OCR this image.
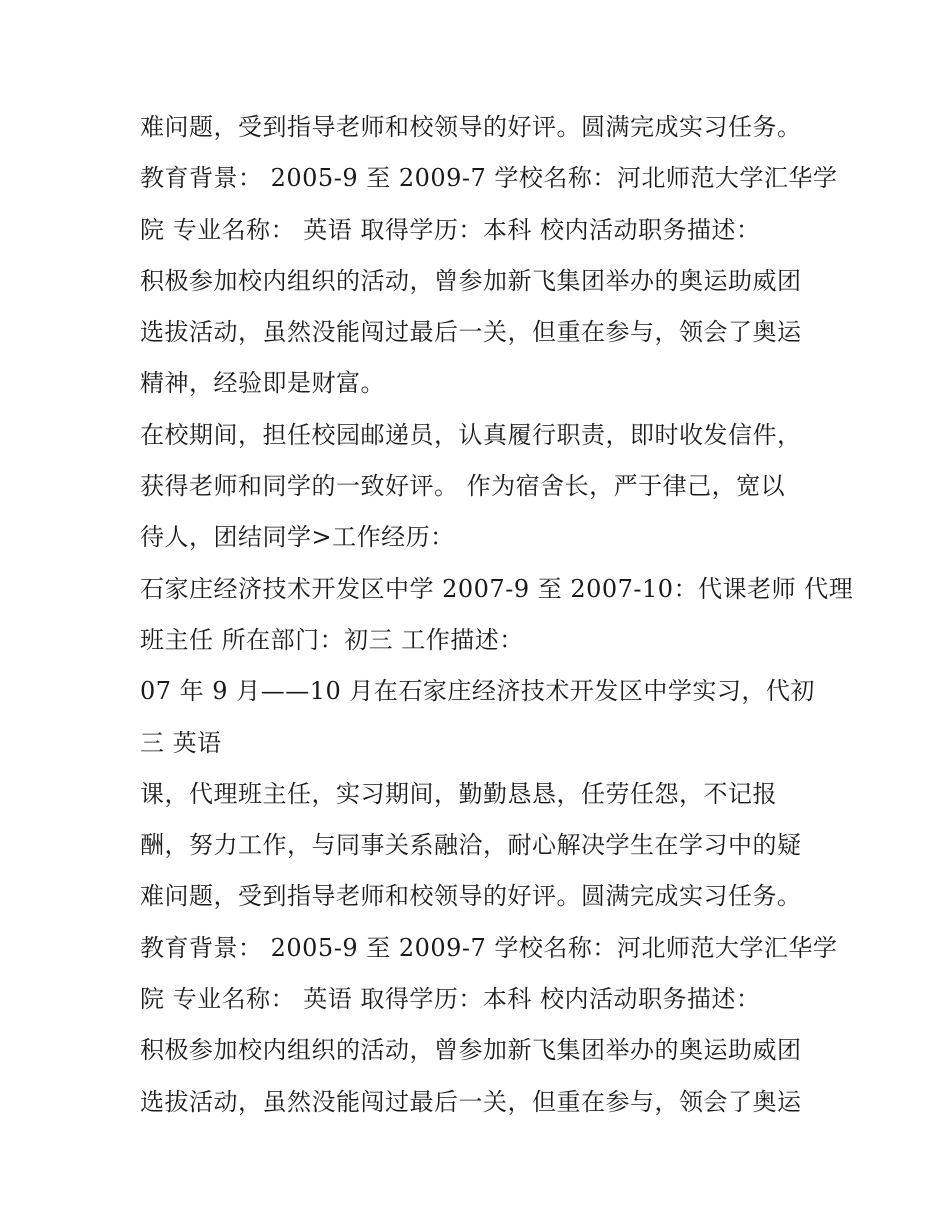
难问题，受到指导老师和校领导的好评。圆满完成实习任务。
教育背景： 2005-9 至 2009-7 学校名称：河北师范大学汇华学
院 专业名称： 英语 取得学历：本科 校内活动职务描述：
积极参加校内组织的活动，曾参加新飞集团举办的奥运助威团
选拔活动，虽然没能闯过最后一关，但重在参与，领会了奥运
精神，经验即是财富。
在校期间，担任校园邮递员，认真履行职责，即时收发信件，
获得老师和同学的一致好评。 作为宿舍长，严于律己，宽以
待人，团结同学>工作经历：
石家庄经济技术开发区中学 2007-9 至 2007-10：代课老师 代理
班主任 所在部门：初三 工作描述：
07 年 9 月——10 月在石家庄经济技术开发区中学实习，代初
三 英语
课，代理班主任，实习期间，勤勤恳恳，任劳任怨，不记报
酬，努力工作，与同事关系融洽，耐心解决学生在学习中的疑
难问题，受到指导老师和校领导的好评。圆满完成实习任务。
教育背景： 2005-9 至 2009-7 学校名称：河北师范大学汇华学
院 专业名称： 英语 取得学历：本科 校内活动职务描述：
积极参加校内组织的活动，曾参加新飞集团举办的奥运助威团
选拔活动，虽然没能闯过最后一关，但重在参与，领会了奥运
